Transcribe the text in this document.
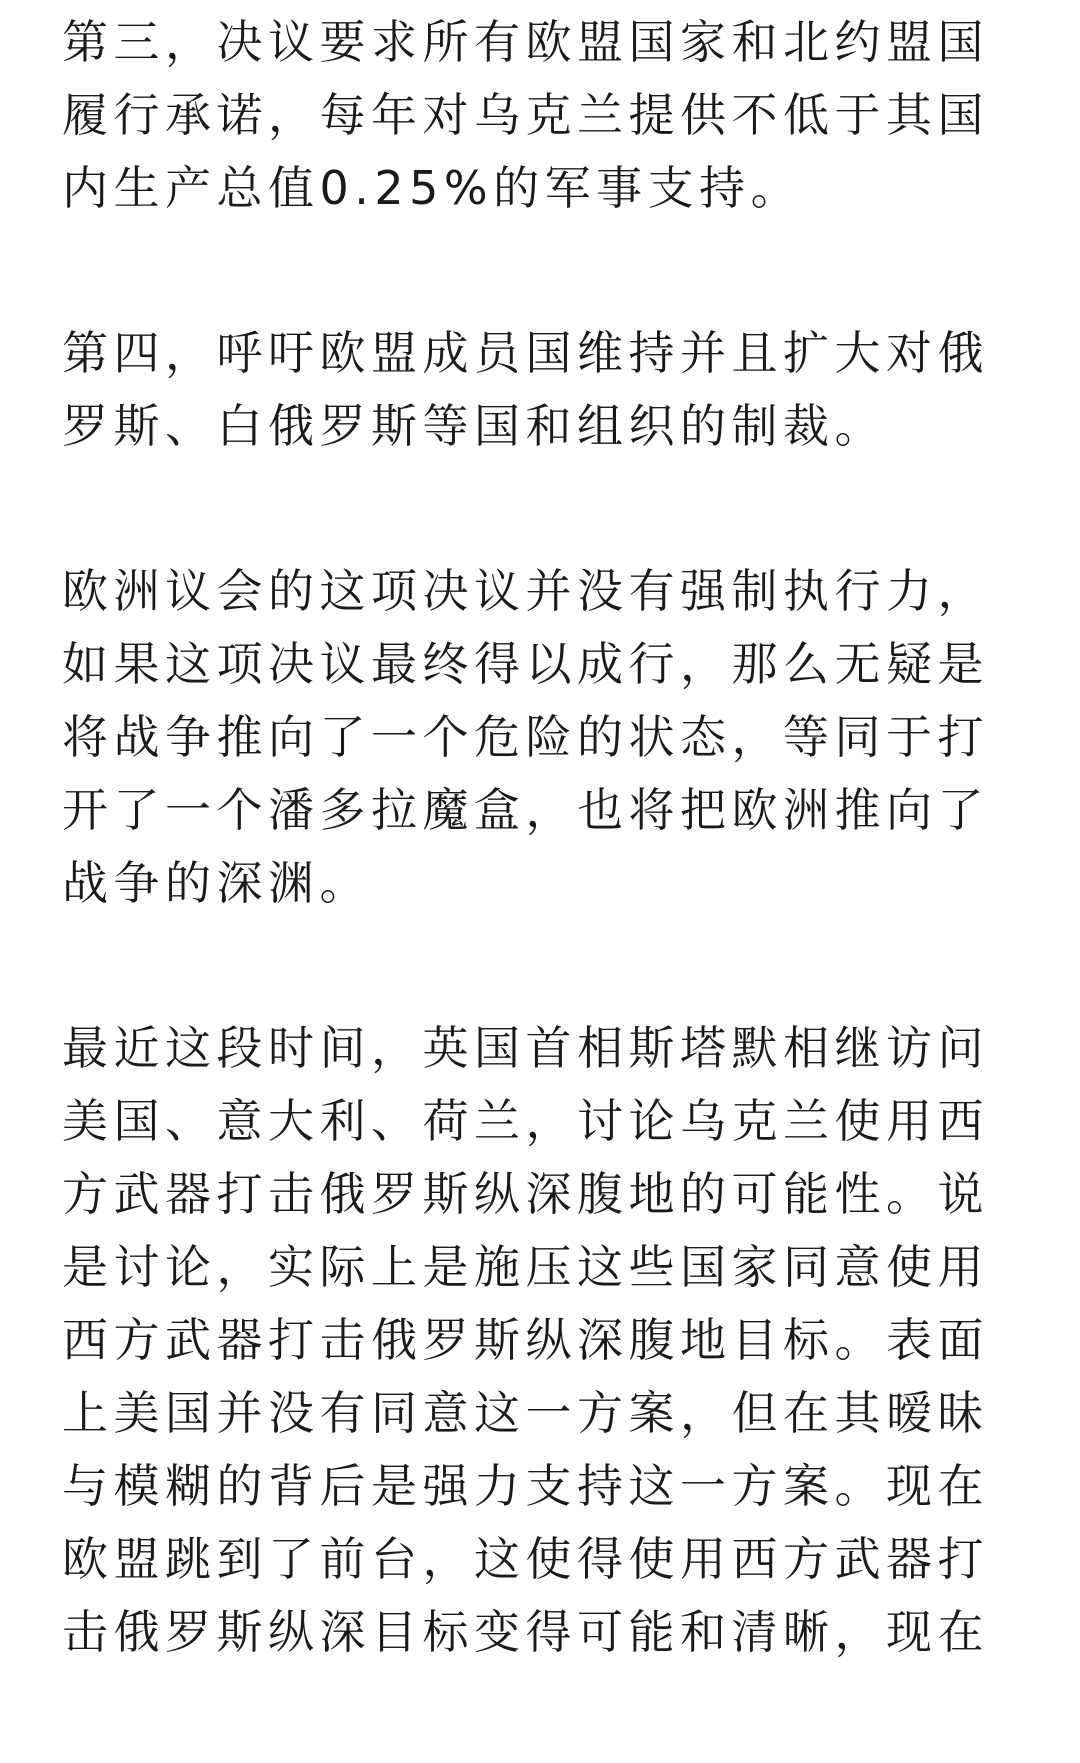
第三，决议要求所有欧盟国家和北约盟国
履行承诺，每年对乌克兰提供不低于其国
内生产总值0.25%的军事支持。

第四，呼吁欧盟成员国维持并且扩大对俄
罗斯、白俄罗斯等国和组织的制裁。

欧洲议会的这项决议并没有强制执行力，
如果这项决议最终得以成行，那么无疑是
将战争推向了一个危险的状态，等同于打
开了一个潘多拉魔盒，也将把欧洲推向了
战争的深渊。

最近这段时间，英国首相斯塔默相继访问
美国、意大利、荷兰，讨论乌克兰使用西
方武器打击俄罗斯纵深腹地的可能性。说
是讨论，实际上是施压这些国家同意使用
西方武器打击俄罗斯纵深腹地目标。表面
上美国并没有同意这一方案，但在其暧昧
与模糊的背后是强力支持这一方案。现在
欧盟跳到了前台，这使得使用西方武器打
击俄罗斯纵深目标变得可能和清晰，现在
